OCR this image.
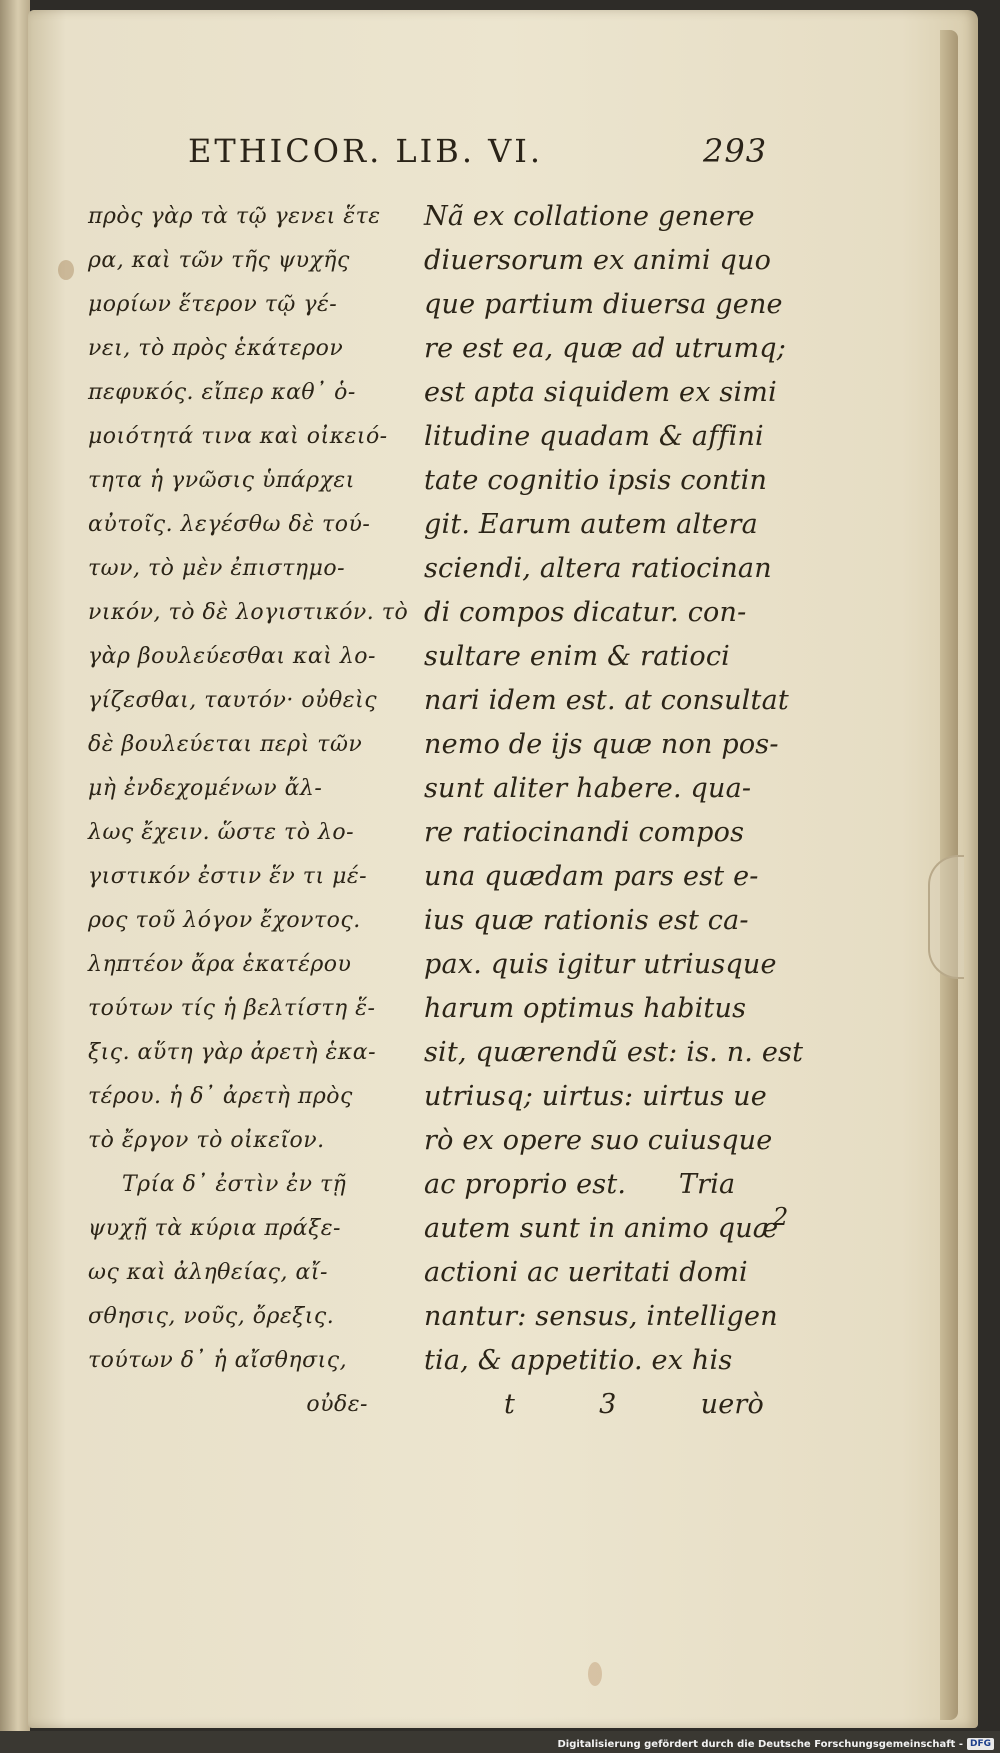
ETHICOR. LIB. VI.	293
πρὸς γὰρ τὰ τῷ γενει ἕτε
ρα, καὶ τῶν τῆς ψυχῆς
μορίων ἕτερον τῷ γέ-
νει, τὸ πρὸς ἑκάτερον
πεφυκός. εἴπερ καθ᾽ ὁ-
μοιότητά τινα καὶ οἰκειό-
τητα ἡ γνῶσις ὑπάρχει
αὐτοῖς. λεγέσθω δὲ τού-
των, τὸ μὲν ἐπιστημο-
νικόν, τὸ δὲ λογιστικόν. τὸ
γὰρ βουλεύεσθαι καὶ λο-
γίζεσθαι, ταυτόν· οὐθεὶς
δὲ βουλεύεται περὶ τῶν
μὴ ἐνδεχομένων ἄλ-
λως ἔχειν. ὥστε τὸ λο-
γιστικόν ἐστιν ἕν τι μέ-
ρος τοῦ λόγον ἔχοντος.
ληπτέον ἄρα ἑκατέρου
τούτων τίς ἡ βελτίστη ἕ-
ξις. αὕτη γὰρ ἀρετὴ ἑκα-
τέρου. ἡ δ᾽ ἀρετὴ πρὸς
τὸ ἔργον τὸ οἰκεῖον.
Τρία δ᾽ ἐστὶν ἐν τῇ
ψυχῇ τὰ κύρια πράξε-
ως καὶ ἀληθείας, αἴ-
σθησις, νοῦς, ὄρεξις.
τούτων δ᾽ ἡ αἴσθησις,
οὐδε-
Nã ex collatione genere
diuersorum ex animi quo
que partium diuersa gene
re est ea, quæ ad utrumq;
est apta siquidem ex simi
litudine quadam & affini
tate cognitio ipsis contin
git. Earum autem altera
sciendi, altera ratiocinan
di compos dicatur. con-
sultare enim & ratioci
nari idem est. at consultat
nemo de ijs quæ non pos-
sunt aliter habere. qua-
re ratiocinandi compos
una quædam pars est e-
ius quæ rationis est ca-
pax. quis igitur utriusque
harum optimus habitus
sit, quærendũ est: is. n. est
utriusq; uirtus: uirtus ue
rò ex opere suo cuiusque
ac proprio est.      Tria
autem sunt in animo quæ
actioni ac ueritati domi
nantur: sensus, intelligen
tia, & appetitio. ex his
t	3	uerò
2
Digitalisierung gefördert durch die Deutsche Forschungsgemeinschaft - DFG
